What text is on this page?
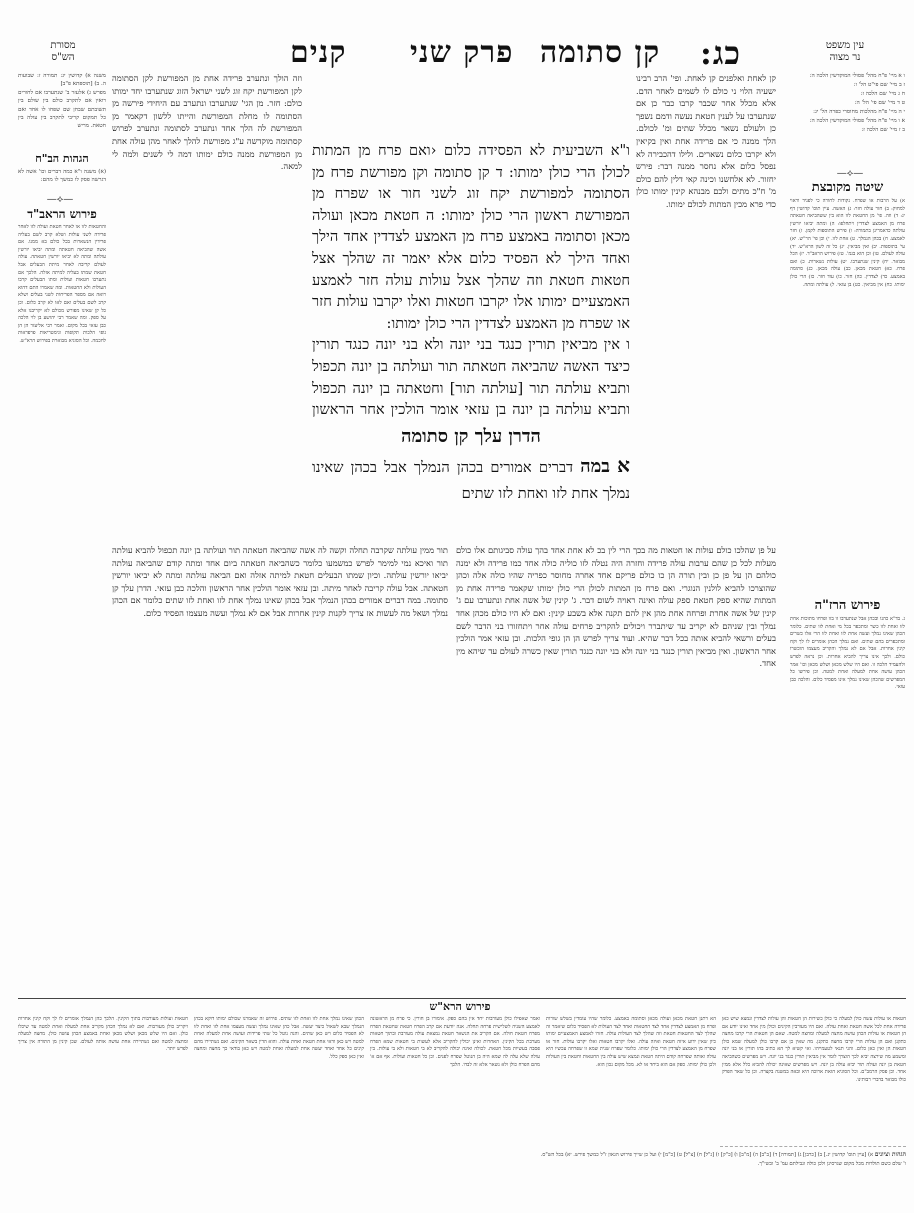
מסורת
הש"ס	קנים פרק שני קן סתומה כג:	עין משפט
נר מצוה

משנה א) קדושין יג: תמורה ז: שבועות ה. ב) [תוספתא פ"ב]

מפרש ג) אלעזר ב' שנתערבו אם לחורים רואין אם לתקרב כולם בין שולם בין תשובתם שבחן שם שפחו לו אחד ואם כל תמקום קריבי לתקרב בין עולה בין חטאת. מריש

הגהות הב"ח
(א) משנה ו"א כמה דברים וכו' אשה לא דגרשה פסק לו כמשך לו מהם:
—⟡—
פירוש הראב"ד
והחטאות לזו או לאחר חטאת ועולה לזו לאחר פרידה לשני עולות ושלא קרב לשם בעליה פרידין הנשארות בכל כולם בא ממנו. אם אשה שהביאה חטאתה ומתה יביאו יורשין עולתה ומתה לא יביאו יורשין חטאתה. עולה לעולם קריבה לאחר מיתת הבעלים אבל חטאת שמתו בעליה למיתה אזלה. הלכך אם נתערבו חטאות ועולות ומתו הבעלים קרבו העולות ולא החטאות. ומה שאמרו התם דהוא רואה אם מספר הפריחות לשני בעלים ושלא קרב לשם בעלים ואם לאו לא קרב כלום. וכן כל קן שאינו מפורש מכולם לא יקריבנו אלא על ספק. ומה שאמר רבי יהושע בן לוי הלכה כבן עזאי בכל מקום. ואמר רבי אליעזר הן הן גופי הלכות תקופות וגימטריאות פרפראות לחכמה. וכל הסוגיא מבוארת בפירוש הרא"ש.
וזה הולך ונתערב פרידה אחת מן המפורשת לקן הסתומה לקן המפורשת יקח זוג לשני ישראל הזוג שנתערבו יחד ימותו כולם: חזר. מן הגי' שנתערבו ונתערב עם היחידי פירשה מן הסתומה לו מחלת המפורשת והייתו ללשון דקאמר מן המפורשת לה הלך אחד ונתערב לסתומה ונתערב לפרוש קסתומה מוקדשה ע"ג מפורשת להלך לאחר מהן עולה אחת מן המפורשת ממנה כולם ימותו דמה לי לשנים ולמה לי למאה.
קן לאחת ואלפנים קן לאחת. ופי' הרב רבינו ישעיה הלוי ני כולם לו לשמים לאחר הדם. אלא מכלל אחר שכבר קרבו כבר כן אם שנתערבו על לענין חטאת נעשה ודמם נשפך כן ולעולם נשאר מכלל שתים ומ' לכולם. הלך ממנה כי אם פרידה אחת ואין בקיאין ולא יקרבו כלום נשארים. ולילו דהכבירה לא נפסל כלום אלא נחסר ממנה דבר: פירש יחזור. לא אלחשנו וכינה קאי דלין להם כולם מ' ח"כ מתים ולכם מבנהא קינין ימותו כולן כדי פרא מכין המתות לכולם ימותו.

ו א מיי' פ"ח מהל' פסולי המוקדשין הלכה ה:

ז ב מיי' שם פי"ט הל' ו:

ח ג מיי' שם הלכה ז:

ט ד מיי' שם פי' הל' ה:

י ה מיי' פ"ח מהלכות מחוסרי כפרה הל' יג:

א ו מיי' פ"ח מהל' פסולי המוקדשין הלכה ה:

ב ז מיי' שם הלכה ז:

—⟡—
שיטה מקובצת
א) על הרבות או שפרח. נקודות לחורה כי לפניד וראוי למחוק: ב) חזר עולה חזר: ג) האשה. עיין תוס' קדושין דף יג: ד) וזה. פי' מן החטאת לזו הוא בין ששהביאה חטאתה פרח מן האמצע לצדדין ויתחלפו: ה) ומתה יביאו יורשין עולתה כדאמרינן בתמורה: ו) פירש התוספות לקמן. ז) חזר לאמצע. ח) בכהן הנמלך. ט) אחת לזו. י) וכן פי' הר"ש. יא) עי' בתוספות. יב) ואין מביאין. יג) כל זה לשון הרא"ש. יד) עולה לעולם. טו) וכן הוא בגמ'. טז) פירוש הראב"ד. יז) הכל מבואר. יח) קינין שנתערבו. יט) עולות נשארות. כ) ואם פרח. כא) חטאת מכאן. כב) עולה מכאן. כג) סתומה באמצע. כד) לצדדין. כה) חזר. כו) עוד חזר. כז) הרי כולן ימותו. כח) אין מביאין. כט) בן עזאי. ל) עולתה ומתה.
פירוש הרז"ה
ג. בד"א כהנו ובכהן אבל שנתערבו זו בזו ופרחו מתוכות אחת לזו ואחת לזו כשר ומתכפר בכל מי ואחת לזו שתים. כלומר הכהן שאינו נמלך ועשה אחת לזו ואחת לזו הרי אלו כשרים ומתכפרים בהם שתים. ואם נמלך הכהן אומרים לו לך וקח קינין אחרות. אבל אם לא נמלך והקריב מעצמו הוכשרו כולם. ולכך אינו צריך להביא אחרות. וכן נראה לפרש ולהעמיד הלכה זו. ואם היו שלש מכאן ושלש מכאן וכו' אמר הכהן עושה אחת למעלה ואחת למטה. וכן פירשו כל המפרשים שהכהן שאינו נמלך אינו מפסיד כלום. והלכה כבן עזאי.

ו"א השביעית לא הפסידה כלום ‹ואם פרח מן המתות לכולן הרי כולן ימותו: ד קן סתומה וקן מפורשת פרח מן הסתומה למפורשת יקח זוג לשני חור או שפרח מן המפורשת ראשון הרי כולן ימותו: ה חטאת מכאן ועולה מכאן וסתומה באמצע פרח מן האמצע לצדדין אחד הילך ואחד הילך לא הפסיד כלום אלא יאמר זה שהלך אצל חטאות חטאת וזה שהלך אצל עולות עולה חזר לאמצע האמצעיים ימותו אלו יקרבו חטאות ואלו יקרבו עולות חזר או שפרח מן האמצע לצדדין הרי כולן ימותו:

ו אין מביאין תורין כנגד בני יונה ולא בני יונה כנגד תורין כיצד האשה שהביאה חטאתה תור ועולתה בן יונה תכפול ותביא עולתה תור [עולתה תור] וחטאתה בן יונה תכפול ותביא עולתה בן יונה בן עזאי אומר הולכין אחר הראשון

הדרן עלך קן סתומה
א במה דברים אמורים בכהן הנמלך אבל בכהן שאינו נמלך אחת לזו ואחת לזו שתים
תור ממין עולתה שקרבה תחלה וקשה לה אשה שהביאה חטאתה תור ועולתה בן יונה תכפול להביא עולתה תור ואיכא נמי למימר לפרש כמשמעו כלומר כשהביאה חטאתה ביום אחד ומתה קודם שהביאה עולתה יביאו יורשין עולתה. וכיון שמתו הבעלים חטאת למיתה אזלה ואם הביאה עולתה ומתה לא יביאו יורשין חטאתה. אבל עולה קריבה לאחר מיתה. ובן עזאי אומר הולכין אחר הראשון והלכה כבן עזאי. הדרן עלך קן סתומה. במה דברים אמורים בכהן הנמלך אבל בכהן שאינו נמלך אחת לזו ואחת לזו שתים כלומר אם הכהן נמלך ושאל מה לעשות אז צריך לקנות קינין אחרות אבל אם לא נמלך ועשה מעצמו הפסיד כלום.
על פן שהלכו כולם עולות או חטאות מה בכך הרי לין בכ לא אחת אחד בהך עולה סביגותם אלו כולם מעלות לכל כן שהם ערבות עולה פרידה וחזרה היה נטלה לזו כוליה כולה אחד כמו פרידה ולא ימנה כולהם הן על פן כן ובין תורה הן כו כולם פריקם אחד אחרה מחוסר כפריה שהיו כולה אלה וכהן שהוצרכו להביא לולנין הנוגרי. ואם פרח מן המתות לכולן הרי כולן ימותו שקאמר פרידה אחת מן המתות שהיא ספק חטאת ספק עולה ואינה ראויה לשום דבר. ג' קינין של אשה אחת ונתערבו עם ג' קינין של אשה אחרת ופרחה אחת מהן אין להם תקנה אלא בשבע קינין: ואם לא היו כולם מכהן אחד נמלך ובין שניהם לא יקריב עד שיתברר ויכולים להקריב פרחים עולה אחר ויתחזורו בני הדבר לשם בעלים ורשאי להביא אותה בכל דבר שהיא. ועוד צריך לפרש הן הן גופי הלכות. ובן עזאי אמר הולכין אחר הראשון. ואין מביאין תורין כנגד בני יונה ולא בני יונה כנגד תורין שאין כשרה לעולם עד שיהא מין אחד.
פירוש הרא"ש
חטאות ועולות מעורבות בתוך הקינין. הלכך כהן הנמלך אומרים לו לך וקח קינין אחרות ויקריב כולן מעורבות. ואם לא נמלך הכהן מקריב אחת למעלה ואחת למטה עד שיכלו כולן. ואם היו שלש מכאן ושלש מכאן ואחת באמצע הכהן עושה כולן. מחצה למעלה ומחצה למטה ואם נשתיירה אחת עושה אותה לעולם. שכן קינין מן התורה אין צריך לפרש יותר.
הכהן שאינו נמלך אחת לזו ואחת לזו שתים. פירוש זה שאמרנו שכולם ימותו דוקא בכהן הנמלך שבא לשאול כיצד יעשה. אבל כהן שאינו נמלך ועשה מעצמו אחת לזו ואחת לזו לא הפסיד כלום ויש כאן שתים. והנה נוטל כל שתי פרידות ועושה אחת למעלה ואחת למטה ויש כאן ודאי אחת חטאת ואחת עולה. והוא הדין בשאר הקינים. ואם נשתיירו מהם קינים כל אחד ואחד יעשה אחת למעלה ואחת למטה ויש כאן בודאי כך מחצה ומחצה ואין כאן ספק כלל.
ואמר שאפילו כולן מעורבות יחד אין בהם ספק. אימורו בן חורין. כי פרח מן הראשונה לאמצע השניה לשלישית פרחה תחלה. אנה יודעת אם קרב הפרח חטאת שחטאת הפרח מפרח חטאת חולה. אם הקריב את הנשאר חטאת נמצאת עולה מעורבת ובתוך חטאות מערבת בכל הקינין. האחרות ואינן יכולין להקריב אלא לעשות בי חטאות שמא הפרח פסבה בעשיות מכל חטאת. לכולה ואינה יכולה להקריב לא בי חטאות ולא בי עולות. בין עולה שלא עלה לה שמא היה בן הנוטל שפרח לפנים. וכן כל חטאות ועולות. אף אם א' מהם הפרח כולן ולא נשאר אלא זה לבדו. הלכך
הא דתנן חטאת מכאן ועולה מכאן וסתומה באמצע. כלומר שהיו עומדין בשלש שורות ופרח מן האמצע לצדדין אחד לצד החטאות ואחד לצד העולות לא הפסיד כלום שיאמר זה שהלך לצד החטאות חטאת וזה שהלך לצד העולות עולה. חזרו לאמצע האמצעיים ימותו כיון שאין ידוע איזה חטאת ואיזה עולה. ואלו יקרבו חטאות ואלו יקרבו עולות. חזר או שפרח מן האמצע לצדדין הרי כולן ימותו. כלומר שפרח שנית שמא זו שפרחה עכשיו היא עולה ואותה שפרחה קודם היתה חטאת ונמצא שיש עולה בין החטאות וחטאת בין העולות ולכן כולן ימותו. ספק אם הוא ביחד או לא. מכל מקום נכון הוא.
חטאות או עולות עשה כולן למעלה כי כולן כשירות הן חטאות והן עולות לצדדין ונמצא שיש כאן פרידה אחת לכל אשה חטאת ואחת עולה. ואם היו מעורבין הקינים וכולן מין אחד ואינו יודע אם הן חטאות או עולות הכהן עושה מחצה למעלה ומחצה למטה. שאם הן חטאות הרי קרבו מחצה כתקנן ואם הן עולות הרי קרבו מחצה כתקנן. מה שאין כן אם קרבו כולן למעלה שמא כולן חטאות הן ואין כאן כלום. והני תנאי לטעמייהו. ואי קשיא לך הא כתיב בהו תורין או בני יונה ומשמע מה שירצה יביא לכך הוצרך לומר אין מביאין תורין כנגד בני יונה. ויש מפרשים כשהביאה חטאת בן יונה ועולה תור יביא עולה בן יונה. ויש מפרשים שאינה יכולה להביא כלל אלא ממין אחד. וכן פסק הרמב"ם. וכל הסוגיא הזאת ארוכה היא ובאה במשנה בקצרה. וכן כל שאר הפרק כולו מבואר בדברי רבותינו.
הגהות וציונים א) [עיין תוס' קדושין יג.] ב) [כרבן] ג) [תמורה] ד) [ב"ב] ה) [מ"ב] ו) [כ"ק] ז) [נ"ל] ח) [צ"ל] ט) [כ"מ] י) ועל כן שייך פירוש הגאון ז"ל כמשך פירש. יא) בכל הש"ס.
ו' שלם כשם תולדות מכל מקום שגרסינן ולכן כולה ונבילתם עמ' ב' ובשי"ך.
